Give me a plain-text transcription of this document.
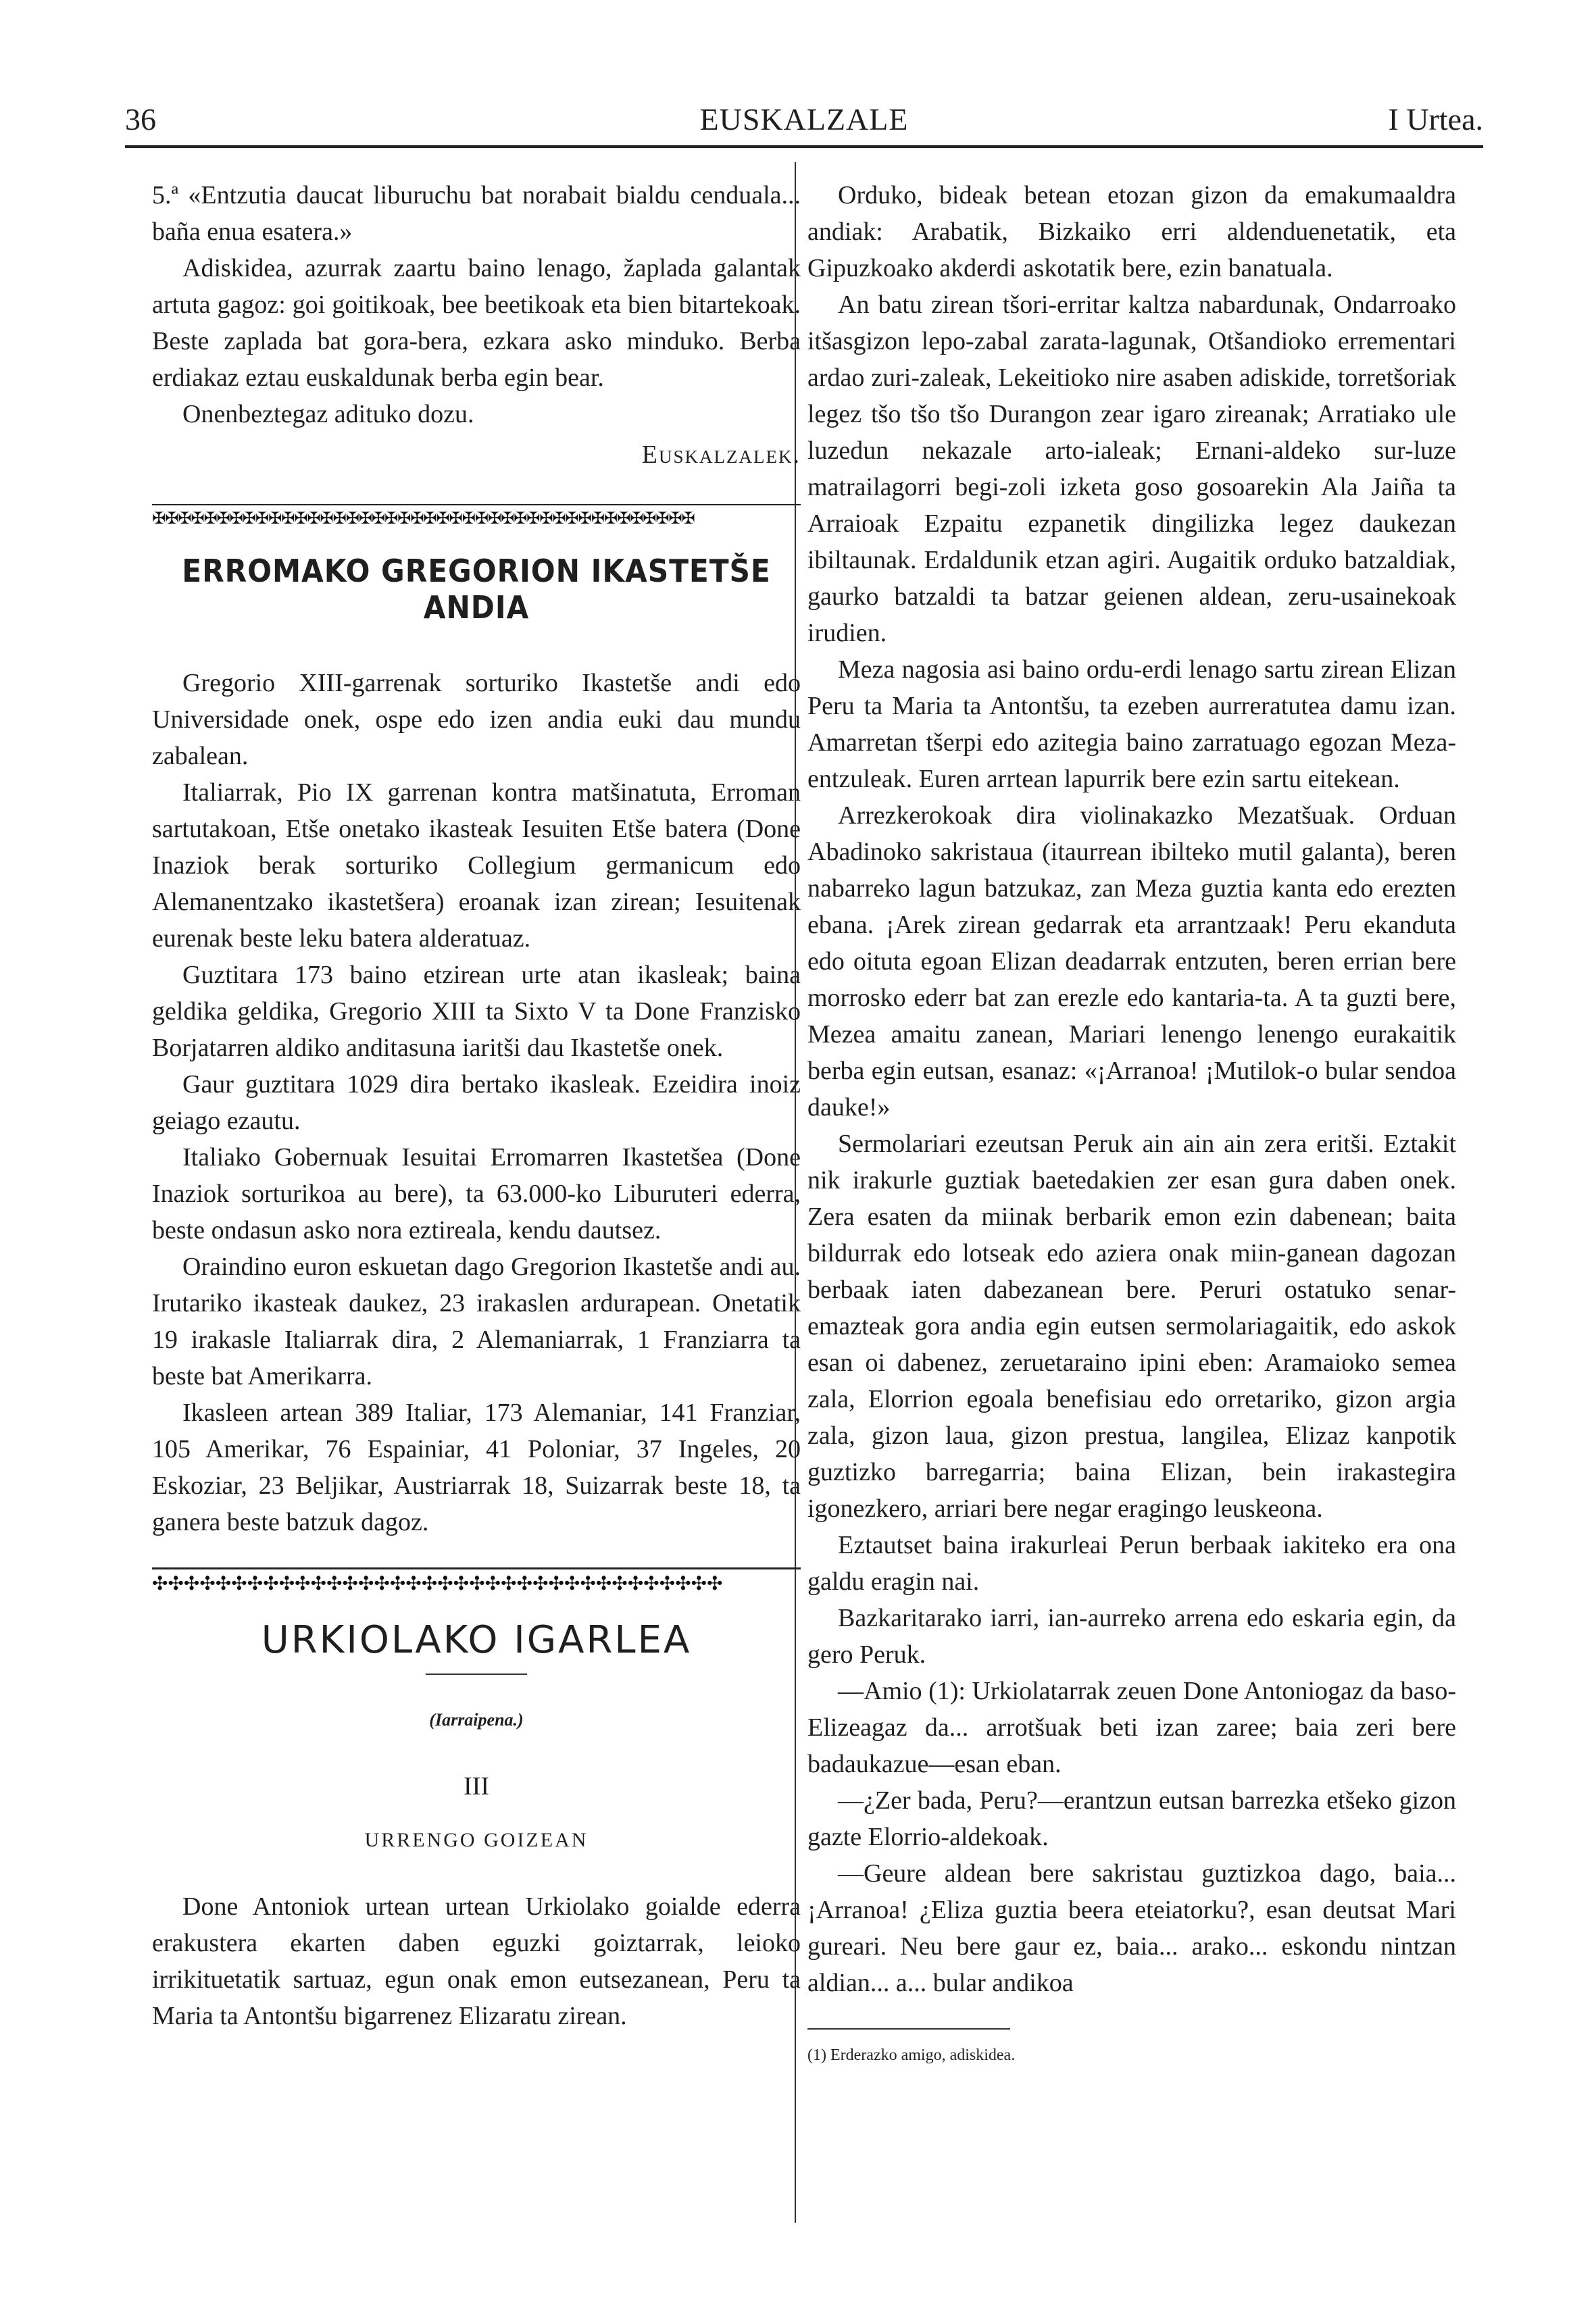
36	EUSKALZALE	I Urtea.

5.ª «Entzutia daucat liburuchu bat norabait bialdu cenduala... baña enua esatera.»

Adiskidea, azurrak zaartu baino lenago, žaplada galantak artuta gagoz: goi goitikoak, bee beetikoak eta bien bitartekoak. Beste zaplada bat gora-bera, ezkara asko minduko. Berba erdiakaz eztau euskaldunak berba egin bear.

Onenbeztegaz adituko dozu.

Euskalzalek.
✠✠✠✠✠✠✠✠✠✠✠✠✠✠✠✠✠✠✠✠✠✠✠✠✠✠✠✠✠✠✠✠✠✠✠✠✠✠✠✠✠✠
ERROMAKO GREGORION IKASTETŠE ANDIA

Gregorio XIII-garrenak sorturiko Ikastetše andi edo Universidade onek, ospe edo izen andia euki dau mundu zabalean.

Italiarrak, Pio IX garrenan kontra matšinatuta, Erroman sartutakoan, Etše onetako ikasteak Iesuiten Etše batera (Done Inaziok berak sorturiko Collegium germanicum edo Alemanentzako ikastetšera) eroanak izan zirean; Iesuitenak eurenak beste leku batera alderatuaz.

Guztitara 173 baino etzirean urte atan ikasleak; baina geldika geldika, Gregorio XIII ta Sixto V ta Done Franzisko Borjatarren aldiko anditasuna iaritši dau Ikastetše onek.

Gaur guztitara 1029 dira bertako ikasleak. Ezeidira inoiz geiago ezautu.

Italiako Gobernuak Iesuitai Erromarren Ikastetšea (Done Inaziok sorturikoa au bere), ta 63.000-ko Liburuteri ederra, beste ondasun asko nora eztireala, kendu dautsez.

Oraindino euron eskuetan dago Gregorion Ikastetše andi au. Irutariko ikasteak daukez, 23 irakaslen ardurapean. Onetatik 19 irakasle Italiarrak dira, 2 Alemaniarrak, 1 Franziarra ta beste bat Amerikarra.

Ikasleen artean 389 Italiar, 173 Alemaniar, 141 Franziar, 105 Amerikar, 76 Espainiar, 41 Poloniar, 37 Ingeles, 20 Eskoziar, 23 Beljikar, Austriarrak 18, Suizarrak beste 18, ta ganera beste batzuk dagoz.

✣✣✣✣✣✣✣✣✣✣✣✣✣✣✣✣✣✣✣✣✣✣✣✣✣✣✣✣✣✣✣✣✣✣✣✣
URKIOLAKO IGARLEA
(Iarraipena.)
III
URRENGO GOIZEAN

Done Antoniok urtean urtean Urkiolako goialde ederra erakustera ekarten daben eguzki goiztarrak, leioko irrikituetatik sartuaz, egun onak emon eutsezanean, Peru ta Maria ta Antontšu bigarrenez Elizaratu zirean.

Orduko, bideak betean etozan gizon da emakumaaldra andiak: Arabatik, Bizkaiko erri aldenduenetatik, eta Gipuzkoako akderdi askotatik bere, ezin banatuala.

An batu zirean tšori-erritar kaltza nabardunak, Ondarroako itšasgizon lepo-zabal zarata-lagunak, Otšandioko errementari ardao zuri-zaleak, Lekeitioko nire asaben adiskide, torretšoriak legez tšo tšo tšo Durangon zear igaro zireanak; Arratiako ule luzedun nekazale arto-ialeak; Ernani-aldeko sur-luze matrailagorri begi-zoli izketa goso gosoarekin Ala Jaiña ta Arraioak Ezpaitu ezpanetik dingilizka legez daukezan ibiltaunak. Erdaldunik etzan agiri. Augaitik orduko batzaldiak, gaurko batzaldi ta batzar geienen aldean, zeru-usainekoak irudien.

Meza nagosia asi baino ordu-erdi lenago sartu zirean Elizan Peru ta Maria ta Antontšu, ta ezeben aurreratutea damu izan. Amarretan tšerpi edo azitegia baino zarratuago egozan Meza-entzuleak. Euren arrtean lapurrik bere ezin sartu eitekean.

Arrezkerokoak dira violinakazko Mezatšuak. Orduan Abadinoko sakristaua (itaurrean ibilteko mutil galanta), beren nabarreko lagun batzukaz, zan Meza guztia kanta edo erezten ebana. ¡Arek zirean gedarrak eta arrantzaak! Peru ekanduta edo oituta egoan Elizan deadarrak entzuten, beren errian bere morrosko ederr bat zan erezle edo kantaria-ta. A ta guzti bere, Mezea amaitu zanean, Mariari lenengo lenengo eurakaitik berba egin eutsan, esanaz: «¡Arranoa! ¡Mutilok-o bular sendoa dauke!»

Sermolariari ezeutsan Peruk ain ain ain zera eritši. Eztakit nik irakurle guztiak baetedakien zer esan gura daben onek. Zera esaten da miinak berbarik emon ezin dabenean; baita bildurrak edo lotseak edo aziera onak miin-ganean dagozan berbaak iaten dabezanean bere. Peruri ostatuko senar-emazteak gora andia egin eutsen sermolariagaitik, edo askok esan oi dabenez, zeruetaraino ipini eben: Aramaioko semea zala, Elorrion egoala benefisiau edo orretariko, gizon argia zala, gizon laua, gizon prestua, langilea, Elizaz kanpotik guztizko barregarria; baina Elizan, bein irakastegira igonezkero, arriari bere negar eragingo leuskeona.

Eztautset baina irakurleai Perun berbaak iakiteko era ona galdu eragin nai.

Bazkaritarako iarri, ian-aurreko arrena edo eskaria egin, da gero Peruk.

—Amio (1): Urkiolatarrak zeuen Done Antoniogaz da baso-Elizeagaz da... arrotšuak beti izan zaree; baia zeri bere badaukazue—esan eban.

—¿Zer bada, Peru?—erantzun eutsan barrezka etšeko gizon gazte Elorrio-aldekoak.

—Geure aldean bere sakristau guztizkoa dago, baia... ¡Arranoa! ¿Eliza guztia beera eteiatorku?, esan deutsat Mari gureari. Neu bere gaur ez, baia... arako... eskondu nintzan aldian... a... bular andikoa

(1) Erderazko amigo, adiskidea.
